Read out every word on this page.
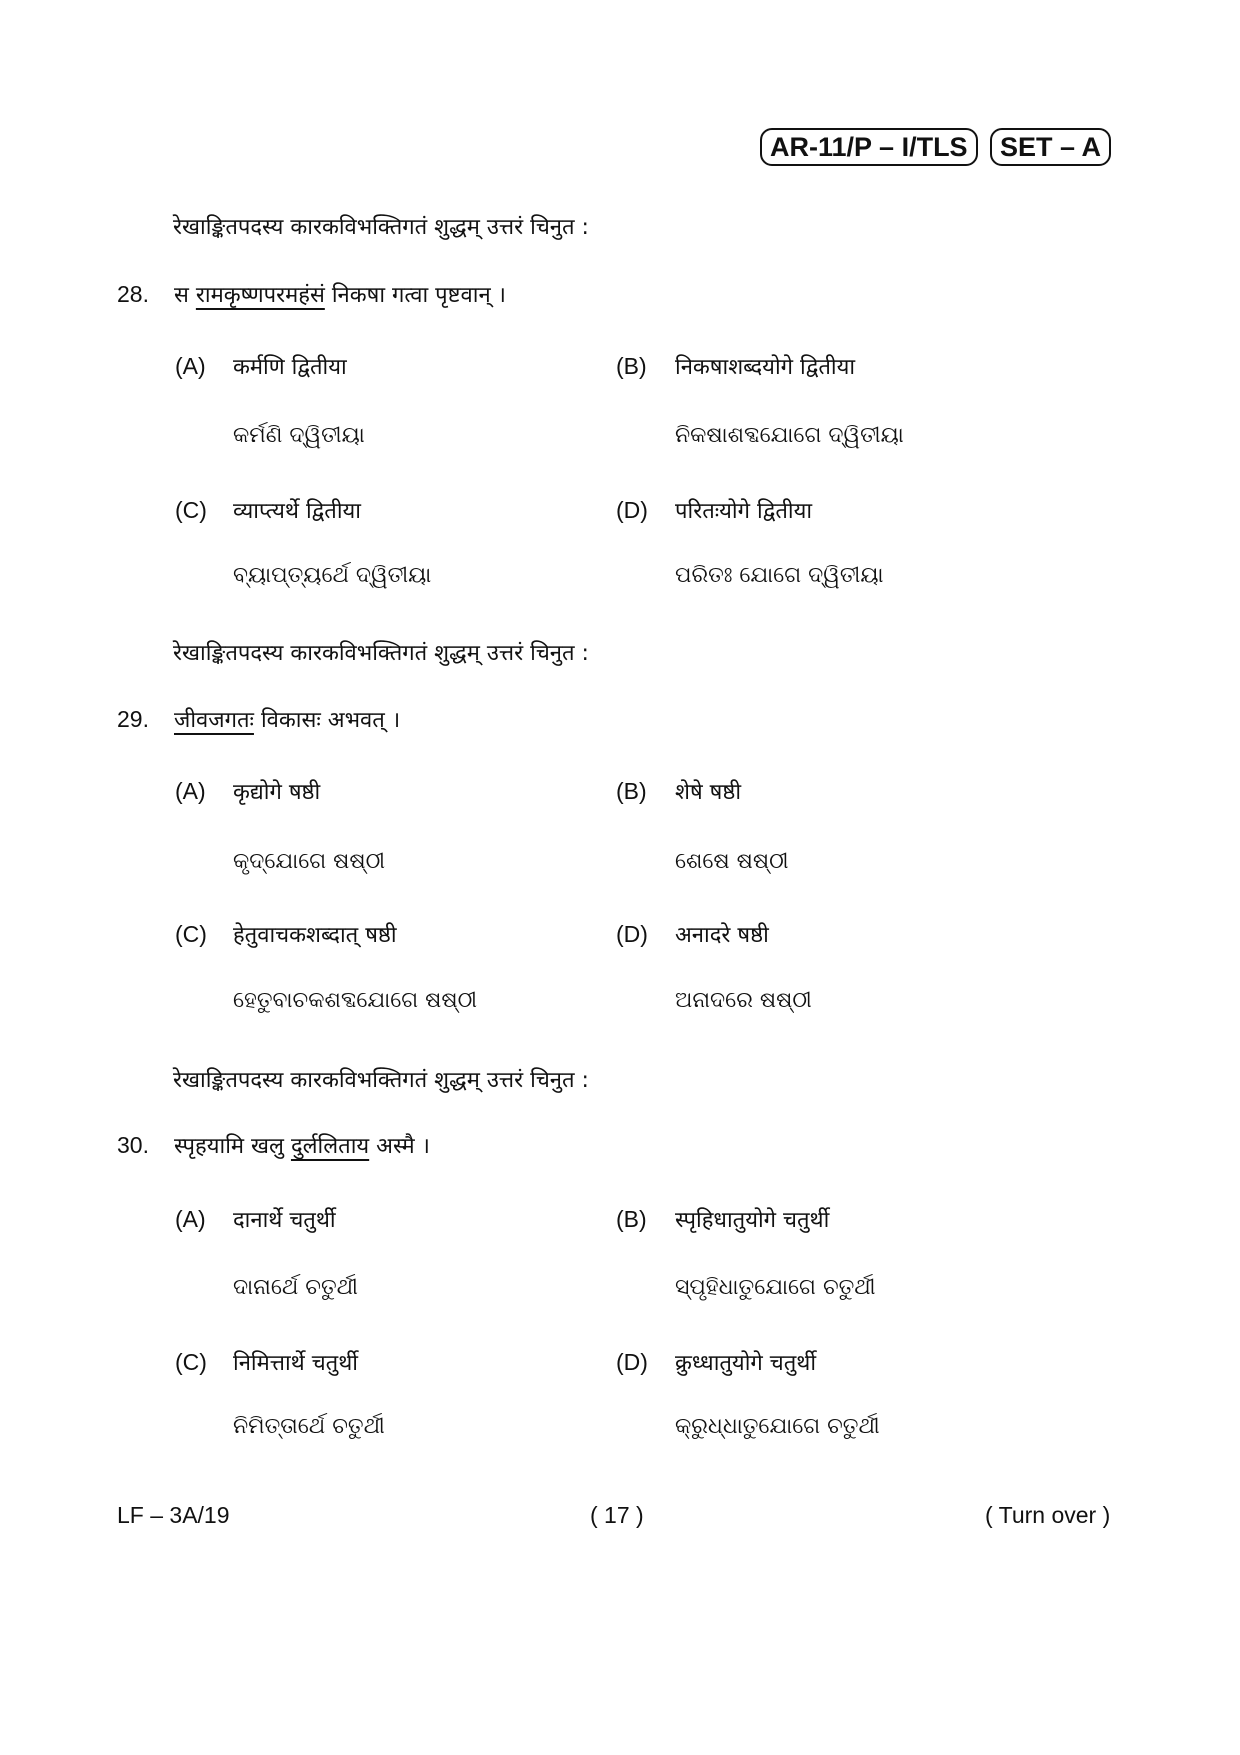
AR-11/P – I/TLS	SET – A
रेखाङ्कितपदस्य कारकविभक्तिगतं शुद्धम् उत्तरं चिनुत :
28. स रामकृष्णपरमहंसं निकषा गत्वा पृष्टवान् ।
(A) कर्मणि द्वितीया	(B) निकषाशब्दयोगे द्वितीया
କର୍ମଣି ଦ୍ୱିତୀୟା	ନିକଷାଶବ୍ଦଯୋଗେ ଦ୍ୱିତୀୟା
(C) व्याप्त्यर्थे द्वितीया	(D) परितःयोगे द्वितीया
ବ୍ୟାପ୍ତ୍ୟର୍ଥେ ଦ୍ୱିତୀୟା	ପରିତଃ ଯୋଗେ ଦ୍ୱିତୀୟା
रेखाङ्कितपदस्य कारकविभक्तिगतं शुद्धम् उत्तरं चिनुत :
29. जीवजगतः विकासः अभवत् ।
(A) कृद्योगे षष्ठी	(B) शेषे षष्ठी
କୃଦ୍‌ଯୋଗେ ଷଷ୍ଠୀ	ଶେଷେ ଷଷ୍ଠୀ
(C) हेतुवाचकशब्दात् षष्ठी	(D) अनादरे षष्ठी
ହେତୁବାଚକଶବ୍ଦଯୋଗେ ଷଷ୍ଠୀ	ଅନାଦରେ ଷଷ୍ଠୀ
रेखाङ्कितपदस्य कारकविभक्तिगतं शुद्धम् उत्तरं चिनुत :
30. स्पृहयामि खलु दुर्ललिताय अस्मै ।
(A) दानार्थे चतुर्थी	(B) स्पृहिधातुयोगे चतुर्थी
ଦାନାର୍ଥେ ଚତୁର୍ଥୀ	ସ୍ପୃହିଧାତୁଯୋଗେ ଚତୁର୍ଥୀ
(C) निमित्तार्थे चतुर्थी	(D) क्रुध्धातुयोगे चतुर्थी
ନିମିତ୍ତାର୍ଥେ ଚତୁର୍ଥୀ	କ୍ରୁଧ୍‌ଧାତୁଯୋଗେ ଚତୁର୍ଥୀ
LF – 3A/19	( 17 )	( Turn over )
